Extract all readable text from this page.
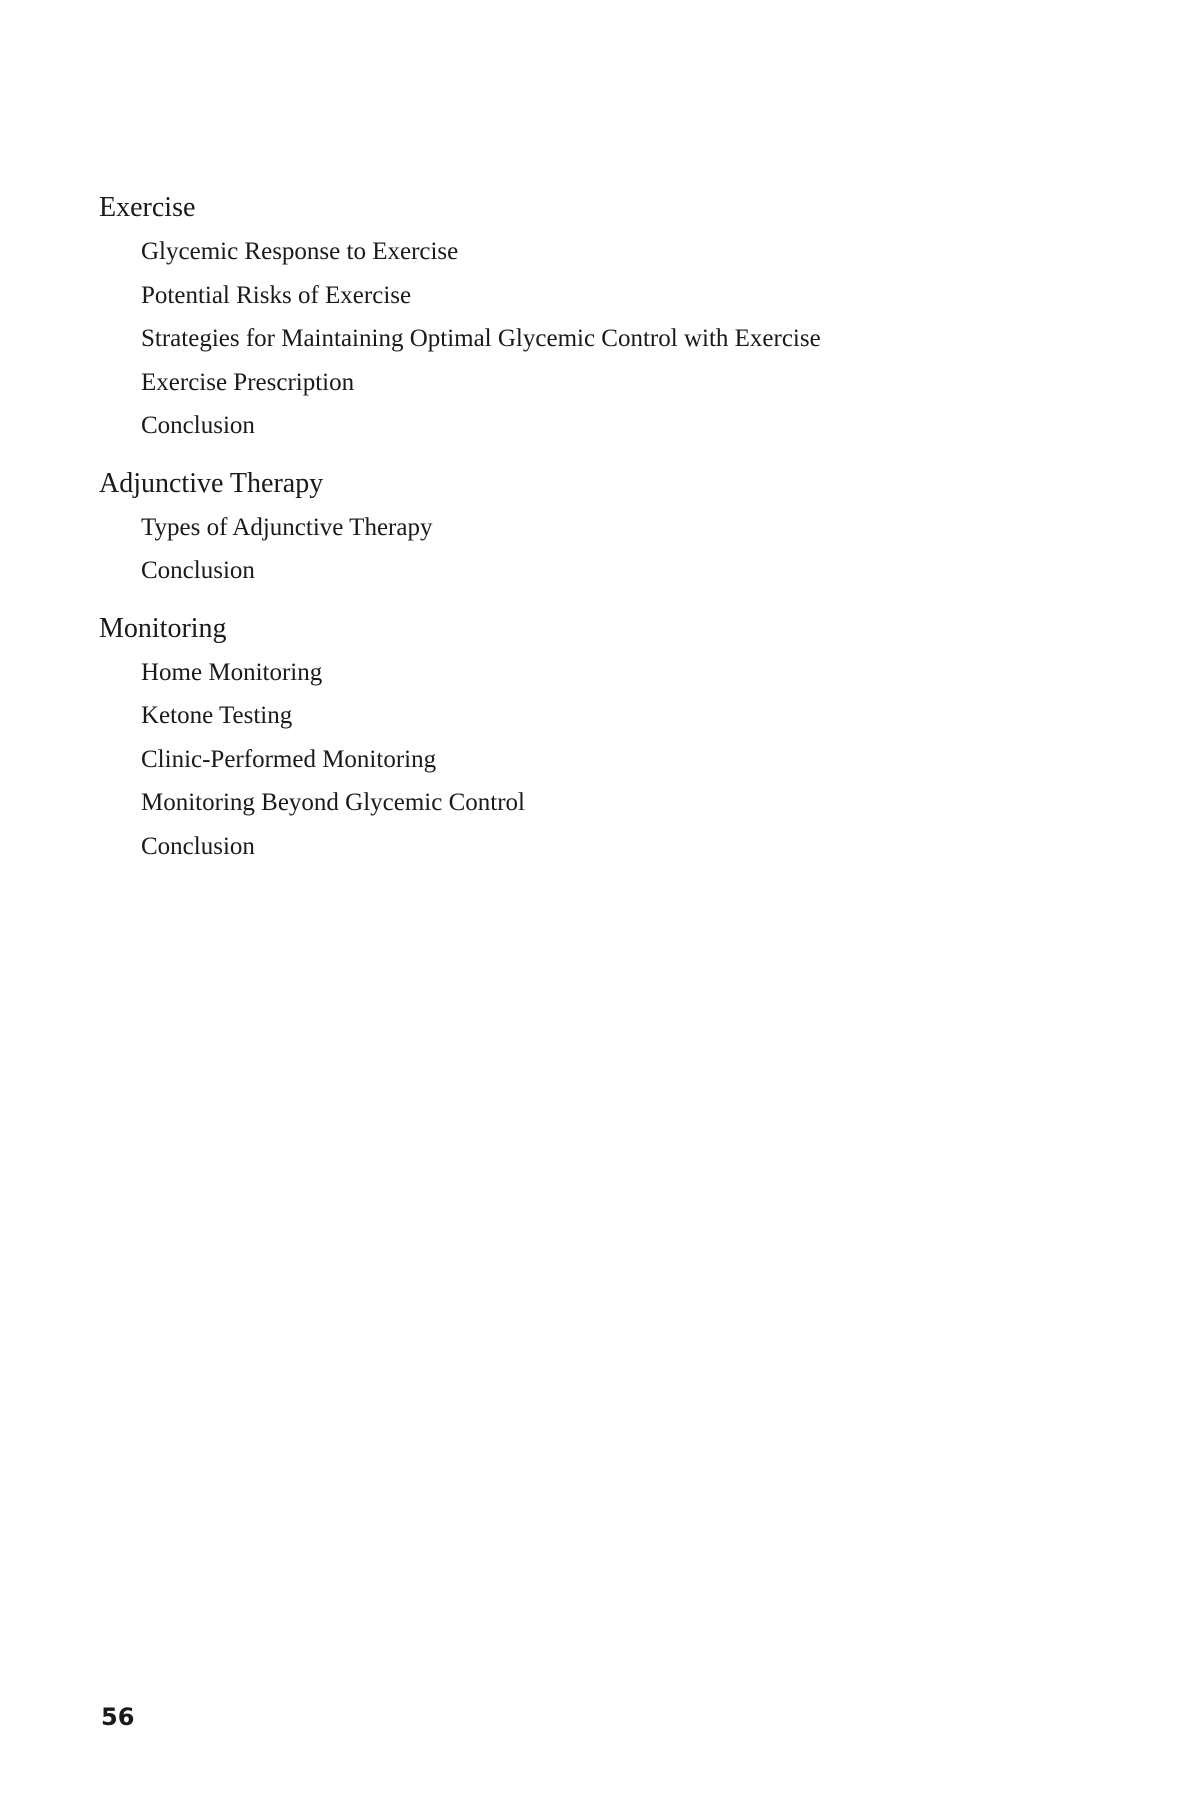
Exercise
Glycemic Response to Exercise
Potential Risks of Exercise
Strategies for Maintaining Optimal Glycemic Control with Exercise
Exercise Prescription
Conclusion
Adjunctive Therapy
Types of Adjunctive Therapy
Conclusion
Monitoring
Home Monitoring
Ketone Testing
Clinic-Performed Monitoring
Monitoring Beyond Glycemic Control
Conclusion
56
